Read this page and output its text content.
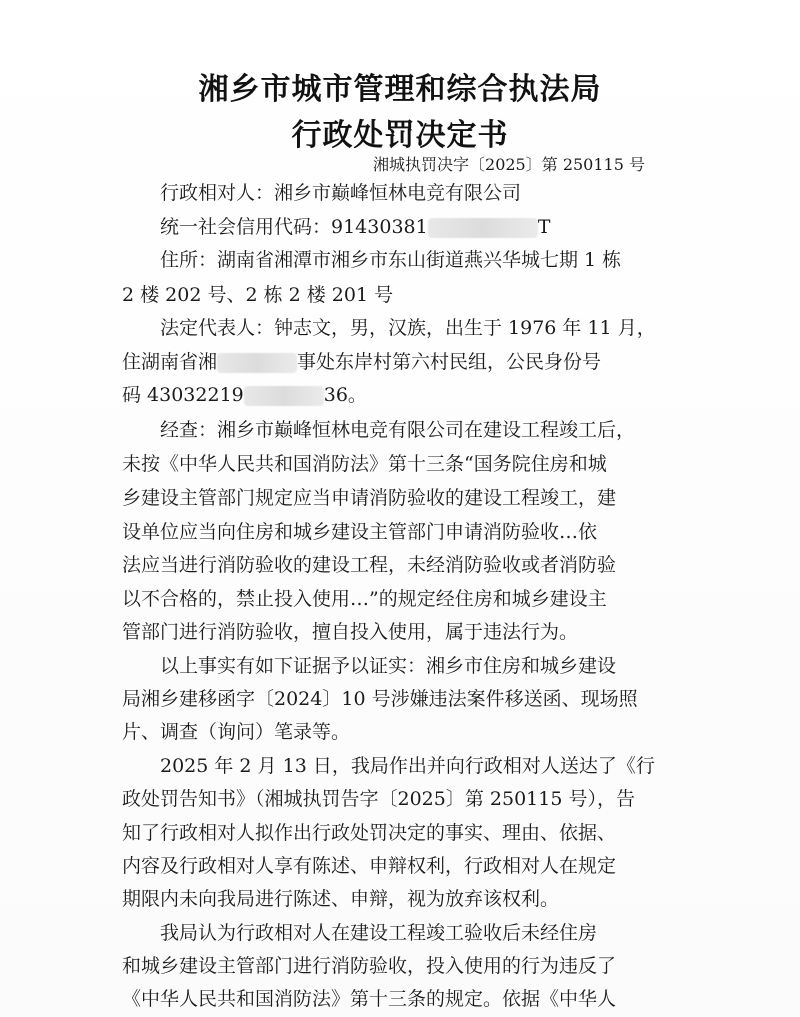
湘乡市城市管理和综合执法局
行政处罚决定书
湘城执罚决字〔2025〕第 250115 号
行政相对人：湘乡市巅峰恒林电竞有限公司
统一社会信用代码：91430381	T
住所：湖南省湘潭市湘乡市东山街道燕兴华城七期 1 栋
2 楼 202 号、2 栋 2 楼 201 号
法定代表人：钟志文，男，汉族，出生于 1976 年 11 月，
住湖南省湘	事处东岸村第六村民组，公民身份号
码 43032219	36。
经查：湘乡市巅峰恒林电竞有限公司在建设工程竣工后，
未按《中华人民共和国消防法》第十三条“国务院住房和城
乡建设主管部门规定应当申请消防验收的建设工程竣工，建
设单位应当向住房和城乡建设主管部门申请消防验收…依
法应当进行消防验收的建设工程，未经消防验收或者消防验
以不合格的，禁止投入使用…”的规定经住房和城乡建设主
管部门进行消防验收，擅自投入使用，属于违法行为。
以上事实有如下证据予以证实：湘乡市住房和城乡建设
局湘乡建移函字〔2024〕10 号涉嫌违法案件移送函、现场照
片、调查（询问）笔录等。
2025 年 2 月 13 日，我局作出并向行政相对人送达了《行
政处罚告知书》（湘城执罚告字〔2025〕第 250115 号），告
知了行政相对人拟作出行政处罚决定的事实、理由、依据、
内容及行政相对人享有陈述、申辩权利，行政相对人在规定
期限内未向我局进行陈述、申辩，视为放弃该权利。
我局认为行政相对人在建设工程竣工验收后未经住房
和城乡建设主管部门进行消防验收，投入使用的行为违反了
《中华人民共和国消防法》第十三条的规定。依据《中华人
